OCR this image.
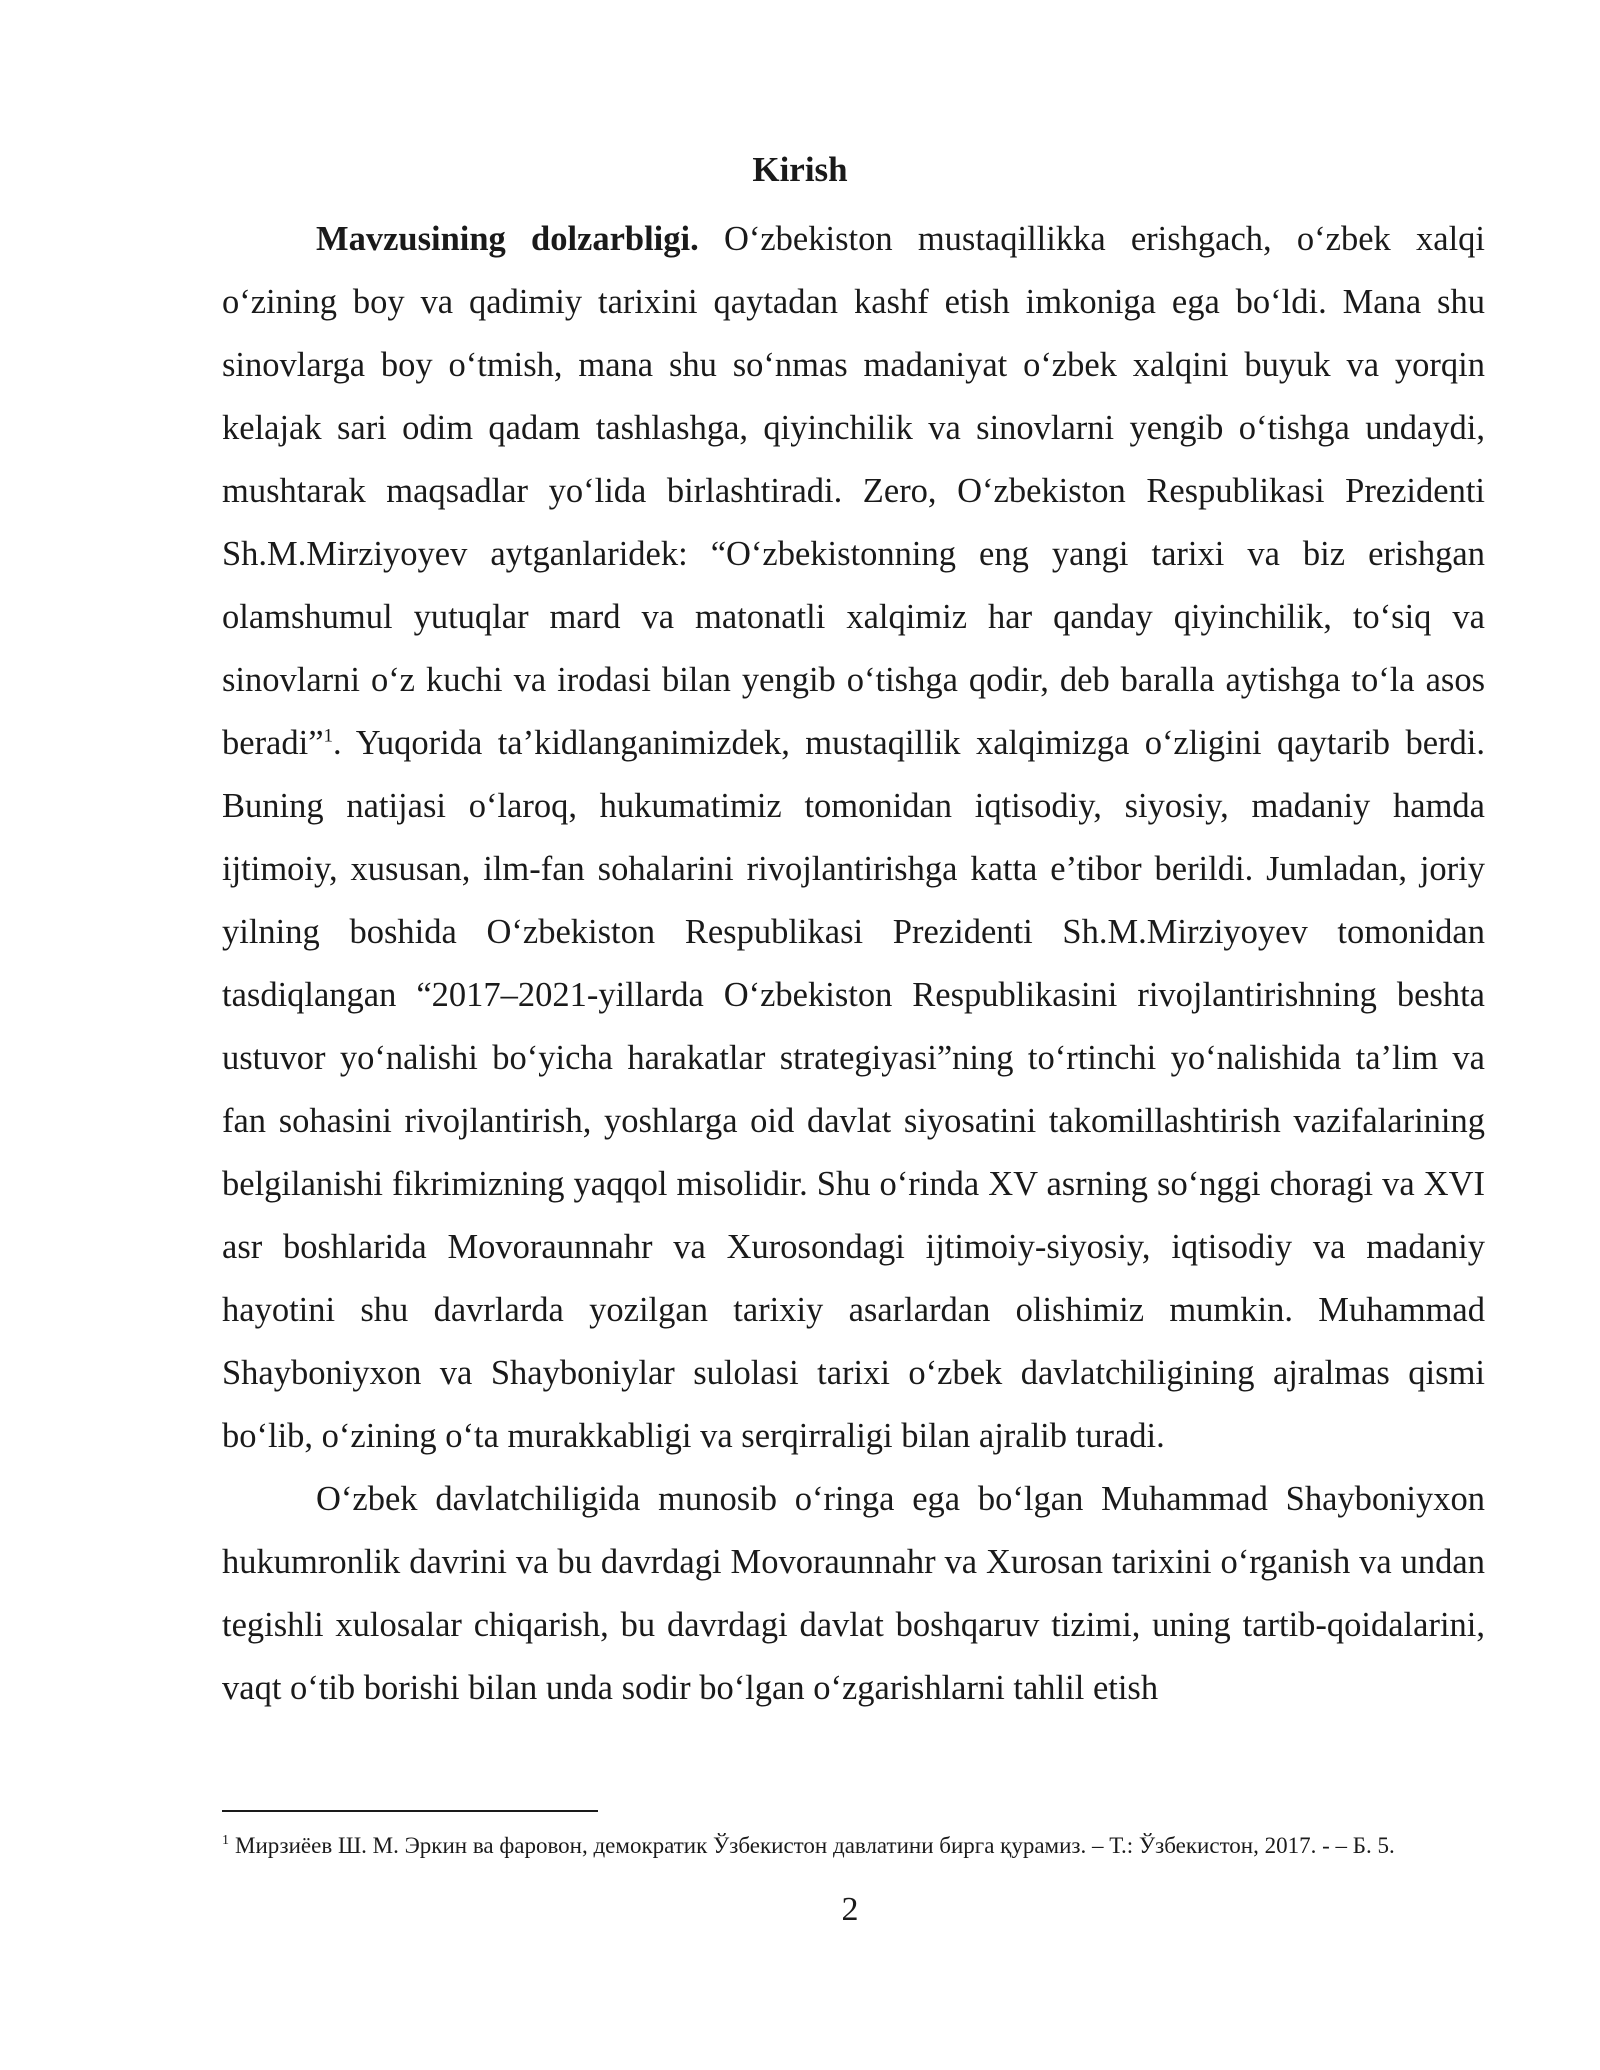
Kirish

Mavzusining dolzarbligi. O‘zbekiston mustaqillikka erishgach, o‘zbek xalqi o‘zining boy va qadimiy tarixini qaytadan kashf etish imkoniga ega bo‘ldi. Mana shu sinovlarga boy o‘tmish, mana shu so‘nmas madaniyat o‘zbek xalqini buyuk va yorqin kelajak sari odim qadam tashlashga, qiyinchilik va sinovlarni yengib o‘tishga undaydi, mushtarak maqsadlar yo‘lida birlashtiradi. Zero, O‘zbekiston Respublikasi Prezidenti Sh.M.Mirziyoyev aytganlaridek: “O‘zbekistonning eng yangi tarixi va biz erishgan olamshumul yutuqlar mard va matonatli xalqimiz har qanday qiyinchilik, to‘siq va sinovlarni o‘z kuchi va irodasi bilan yengib o‘tishga qodir, deb baralla aytishga to‘la asos beradi”$^1$. Yuqorida ta’kidlanganimizdek, mustaqillik xalqimizga o‘zligini qaytarib berdi. Buning natijasi o‘laroq, hukumatimiz tomonidan iqtisodiy, siyosiy, madaniy hamda ijtimoiy, xususan, ilm-fan sohalarini rivojlantirishga katta e’tibor berildi. Jumladan, joriy yilning boshida O‘zbekiston Respublikasi Prezidenti Sh.M.Mirziyoyev tomonidan tasdiqlangan “2017–2021-yillarda O‘zbekiston Respublikasini rivojlantirishning beshta ustuvor yo‘nalishi bo‘yicha harakatlar strategiyasi”ning to‘rtinchi yo‘nalishida ta’lim va fan sohasini rivojlantirish, yoshlarga oid davlat siyosatini takomillashtirish vazifalarining belgilanishi fikrimizning yaqqol misolidir. Shu o‘rinda XV asrning so‘nggi choragi va XVI asr boshlarida Movoraunnahr va Xurosondagi ijtimoiy-siyosiy, iqtisodiy va madaniy hayotini shu davrlarda yozilgan tarixiy asarlardan olishimiz mumkin. Muhammad Shayboniyxon va Shayboniylar sulolasi tarixi o‘zbek davlatchiligining ajralmas qismi bo‘lib, o‘zining o‘ta murakkabligi va serqirraligi bilan ajralib turadi.

O‘zbek davlatchiligida munosib o‘ringa ega bo‘lgan Muhammad Shayboniyxon hukumronlik davrini va bu davrdagi Movoraunnahr va Xurosan tarixini o‘rganish va undan tegishli xulosalar chiqarish, bu davrdagi davlat boshqaruv tizimi, uning tartib-qoidalarini, vaqt o‘tib borishi bilan unda sodir bo‘lgan o‘zgarishlarni tahlil etish

$^1$ Мирзиёев Ш. М. Эркин ва фаровон, демократик Ўзбекистон давлатини бирга қурамиз. – Т.: Ўзбекистон, 2017. - – Б. 5.
2
